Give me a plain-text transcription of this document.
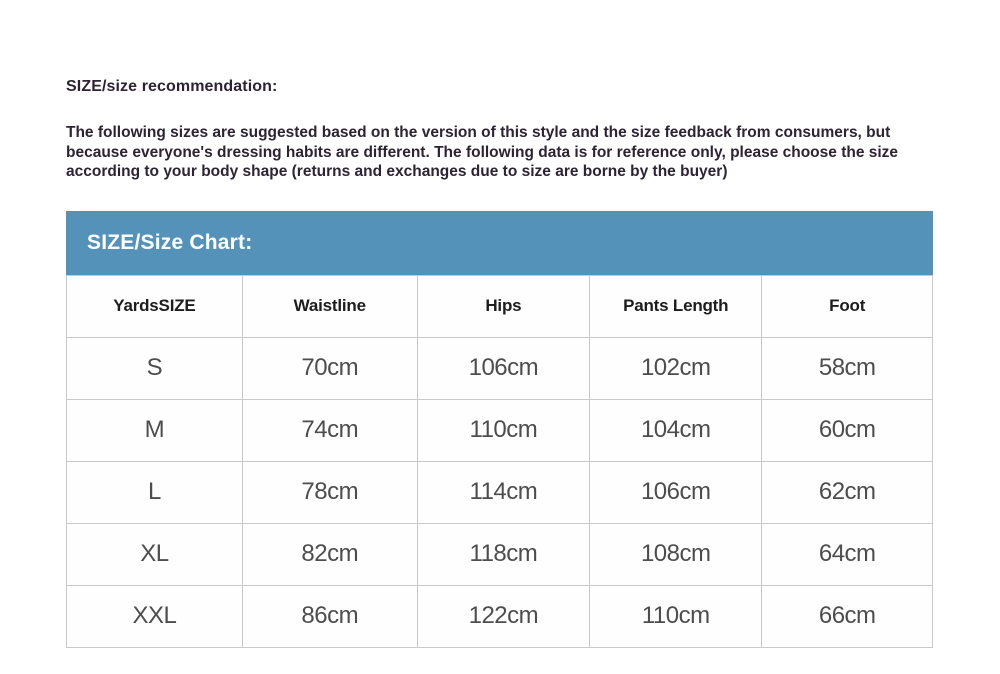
SIZE/size recommendation:

The following sizes are suggested based on the version of this style and the size feedback from consumers, but because everyone's dressing habits are different. The following data is for reference only, please choose the size according to your body shape (returns and exchanges due to size are borne by the buyer)

SIZE/Size Chart:
YardsSIZE	Waistline	Hips	Pants Length	Foot
S	70cm	106cm	102cm	58cm
M	74cm	110cm	104cm	60cm
L	78cm	114cm	106cm	62cm
XL	82cm	118cm	108cm	64cm
XXL	86cm	122cm	110cm	66cm
